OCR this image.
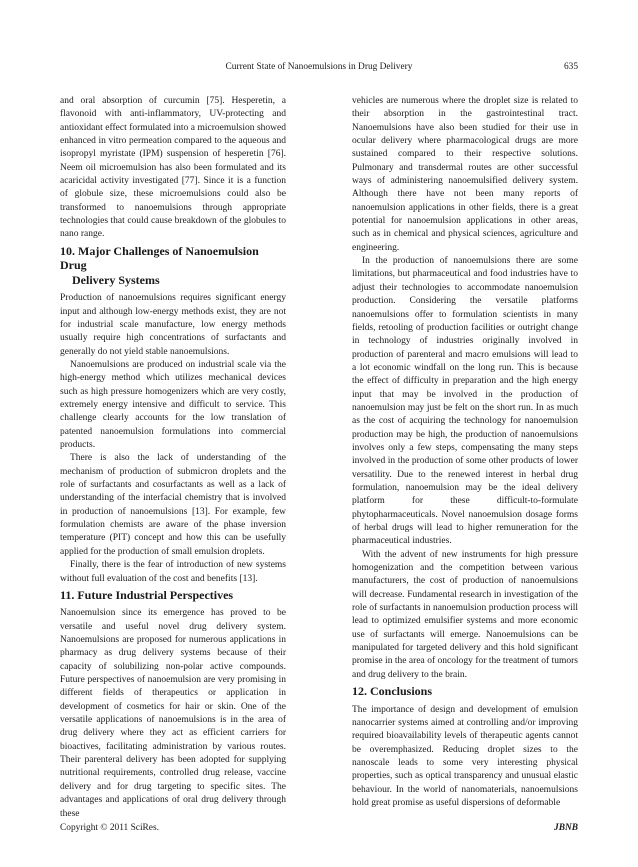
Current State of Nanoemulsions in Drug Delivery	635

and oral absorption of curcumin [75]. Hesperetin, a flavonoid with anti-inflammatory, UV-protecting and antioxidant effect formulated into a microemulsion showed enhanced in vitro permeation compared to the aqueous and isopropyl myristate (IPM) suspension of hesperetin [76]. Neem oil microemulsion has also been formulated and its acaricidal activity investigated [77]. Since it is a function of globule size, these microemulsions could also be transformed to nanoemulsions through appropriate technologies that could cause breakdown of the globules to nano range.

10. Major Challenges of Nanoemulsion Drug
Delivery Systems

Production of nanoemulsions requires significant energy input and although low-energy methods exist, they are not for industrial scale manufacture, low energy methods usually require high concentrations of surfactants and generally do not yield stable nanoemulsions.

Nanoemulsions are produced on industrial scale via the high-energy method which utilizes mechanical devices such as high pressure homogenizers which are very costly, extremely energy intensive and difficult to service. This challenge clearly accounts for the low translation of patented nanoemulsion formulations into commercial products.

There is also the lack of understanding of the mechanism of production of submicron droplets and the role of surfactants and cosurfactants as well as a lack of understanding of the interfacial chemistry that is involved in production of nanoemulsions [13]. For example, few formulation chemists are aware of the phase inversion temperature (PIT) concept and how this can be usefully applied for the production of small emulsion droplets.

Finally, there is the fear of introduction of new systems without full evaluation of the cost and benefits [13].

11. Future Industrial Perspectives

Nanoemulsion since its emergence has proved to be versatile and useful novel drug delivery system. Nanoemulsions are proposed for numerous applications in pharmacy as drug delivery systems because of their capacity of solubilizing non-polar active compounds. Future perspectives of nanoemulsion are very promising in different fields of therapeutics or application in development of cosmetics for hair or skin. One of the versatile applications of nanoemulsions is in the area of drug delivery where they act as efficient carriers for bioactives, facilitating administration by various routes. Their parenteral delivery has been adopted for supplying nutritional requirements, controlled drug release, vaccine delivery and for drug targeting to specific sites. The advantages and applications of oral drug delivery through these

vehicles are numerous where the droplet size is related to their absorption in the gastrointestinal tract. Nanoemulsions have also been studied for their use in ocular delivery where pharmacological drugs are more sustained compared to their respective solutions. Pulmonary and transdermal routes are other successful ways of administering nanoemulsified delivery system. Although there have not been many reports of nanoemulsion applications in other fields, there is a great potential for nanoemulsion applications in other areas, such as in chemical and physical sciences, agriculture and engineering.

In the production of nanoemulsions there are some limitations, but pharmaceutical and food industries have to adjust their technologies to accommodate nanoemulsion production. Considering the versatile platforms nanoemulsions offer to formulation scientists in many fields, retooling of production facilities or outright change in technology of industries originally involved in production of parenteral and macro emulsions will lead to a lot economic windfall on the long run. This is because the effect of difficulty in preparation and the high energy input that may be involved in the production of nanoemulsion may just be felt on the short run. In as much as the cost of acquiring the technology for nanoemulsion production may be high, the production of nanoemulsions involves only a few steps, compensating the many steps involved in the production of some other products of lower versatility. Due to the renewed interest in herbal drug formulation, nanoemulsion may be the ideal delivery platform for these difficult-to-formulate phytopharmaceuticals. Novel nanoemulsion dosage forms of herbal drugs will lead to higher remuneration for the pharmaceutical industries.

With the advent of new instruments for high pressure homogenization and the competition between various manufacturers, the cost of production of nanoemulsions will decrease. Fundamental research in investigation of the role of surfactants in nanoemulsion production process will lead to optimized emulsifier systems and more economic use of surfactants will emerge. Nanoemulsions can be manipulated for targeted delivery and this hold significant promise in the area of oncology for the treatment of tumors and drug delivery to the brain.

12. Conclusions

The importance of design and development of emulsion nanocarrier systems aimed at controlling and/or improving required bioavailability levels of therapeutic agents cannot be overemphasized. Reducing droplet sizes to the nanoscale leads to some very interesting physical properties, such as optical transparency and unusual elastic behaviour. In the world of nanomaterials, nanoemulsions hold great promise as useful dispersions of deformable

Copyright © 2011 SciRes.	JBNB
